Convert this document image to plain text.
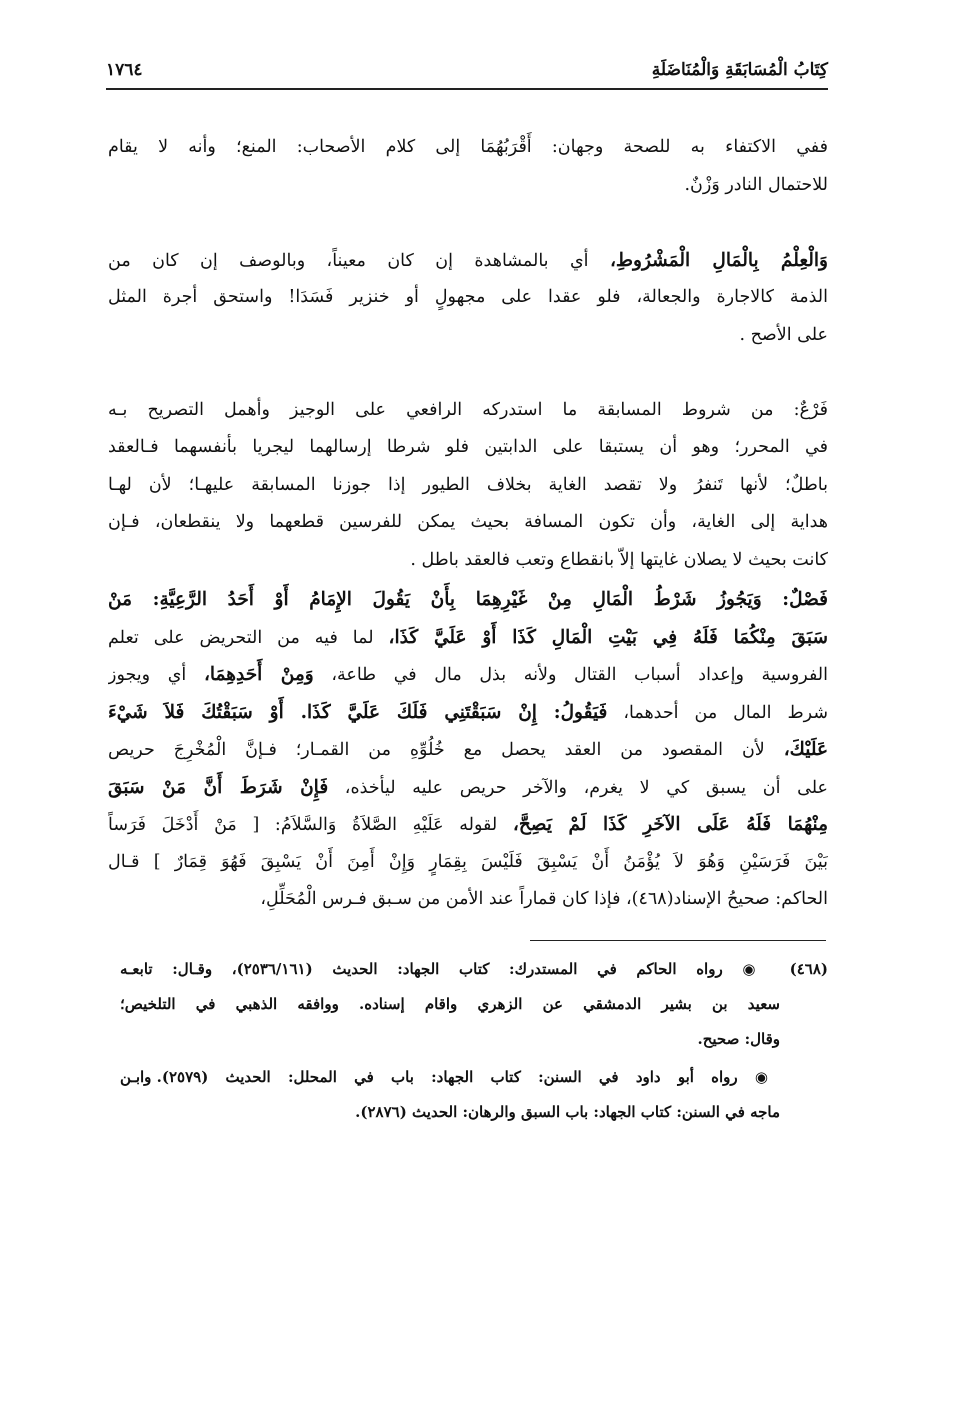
كِتَابُ الْمُسَابَقَةِ وَالْمُنَاضَلَةِ
١٧٦٤
ففي الاكتفاء به للصحة وجهان: أَقْرَبُهُمَا إلى كلام الأصحاب: المنع؛ وأنه لا يقام
للاحتمال النادر وَزْنٌ.
وَالْعِلْمُ بِالْمَالِ الْمَشْرُوطِ، أي بالمشاهدة إن كان معيناً، وبالوصف إن كان من
الذمة كالاجارة والجعالة، فلو عقدا على مجهولٍ أو خنزير فَسَدَا! واستحق أجرة المثل
على الأصح .
فَرْعٌ: من شروط المسابقة ما استدركه الرافعي على الوجيز وأهمل التصريح بـه
في المحرر؛ وهو أن يستبقا على الدابتين فلو شرطا إرسالهما ليجريا بأنفسهما فـالعقد
باطلٌ؛ لأنها تَنفرُ ولا تقصد الغاية بخلاف الطيور إذا جوزنا المسابقة عليهـا؛ لأن لهـا
هداية إلى الغاية، وأن تكون المسافة بحيث يمكن للفرسين قطعهما ولا ينقطعان، فـإن
كانت بحيث لا يصلان غايتها إلاّ بانقطاع وتعب فالعقد باطل .
فَصْلٌ: وَيَجُوزُ شَرْطُ الْمَالِ مِنْ غَيْرِهِمَا بِأَنْ يَقُولَ الإِمَامُ أَوْ أَحَدُ الرَّعِيَّةِ: مَنْ
سَبَقَ مِنْكُمَا فَلَهُ فِي بَيْتِ الْمَالِ كَذَا أَوْ عَلَيَّ كَذَا، لما فيه من التحريض على تعلم
الفروسية وإعداد أسباب القتال ولأنه بذل مال في طاعة، وَمِنْ أَحَدِهِمَا، أي ويجوز
شرط المال من أحدهما، فَيَقُولُ: إِنْ سَبَقْتَنِي فَلَكَ عَلَيَّ كَذَا. أَوْ سَبَقْتُكَ فَلاَ شَيْءَ
عَلَيْكَ، لأن المقصود من العقد يحصل مع خُلُوِّهِ من القمـار؛ فـإنَّ الْمُخْرِجَ حريص
على أن يسبق كي لا يغرم، والآخر حريص عليه ليأخذه، فَإِنْ شَرَطَ أَنَّ مَنْ سَبَقَ
مِنْهُمَا فَلَهُ عَلَى الآخَرِ كَذَا لَمْ يَصِحَّ، لقوله عَلَيْهِ الصَّلاَةُ وَالسَّلاَمُ: [ مَنْ أَدْخَلَ فَرَساً
بَيْنَ فَرَسَيْنِ وَهُوَ لاَ يُؤْمَنُ أَنْ يَسْبِقَ فَلَيْسَ بِقِمَارٍ وَإِنْ أَمِنَ أَنْ يَسْبِقَ فَهُوَ قِمَارٌ ] قـال
الحاكم: صحيحُ الإسناد(٤٦٨)، فإذا كان قماراً عند الأمن من سـبق فـرس الْمُحَلِّلِ،
(٤٦٨) ◉ رواه الحاكم في المستدرك: كتاب الجهاد: الحديث (٢٥٣٦/١٦١)، وقـال: تابعـه
سعيد بن بشير الدمشقي عن الزهري واقام إسناده. ووافقه الذهبي في التلخيص؛
وقال: صحيح.
◉ رواه أبو داود في السنن: كتاب الجهاد: باب في المحلل: الحديث (٢٥٧٩). وابـن
ماجه في السنن: كتاب الجهاد: باب السبق والرهان: الحديث (٢٨٧٦).
